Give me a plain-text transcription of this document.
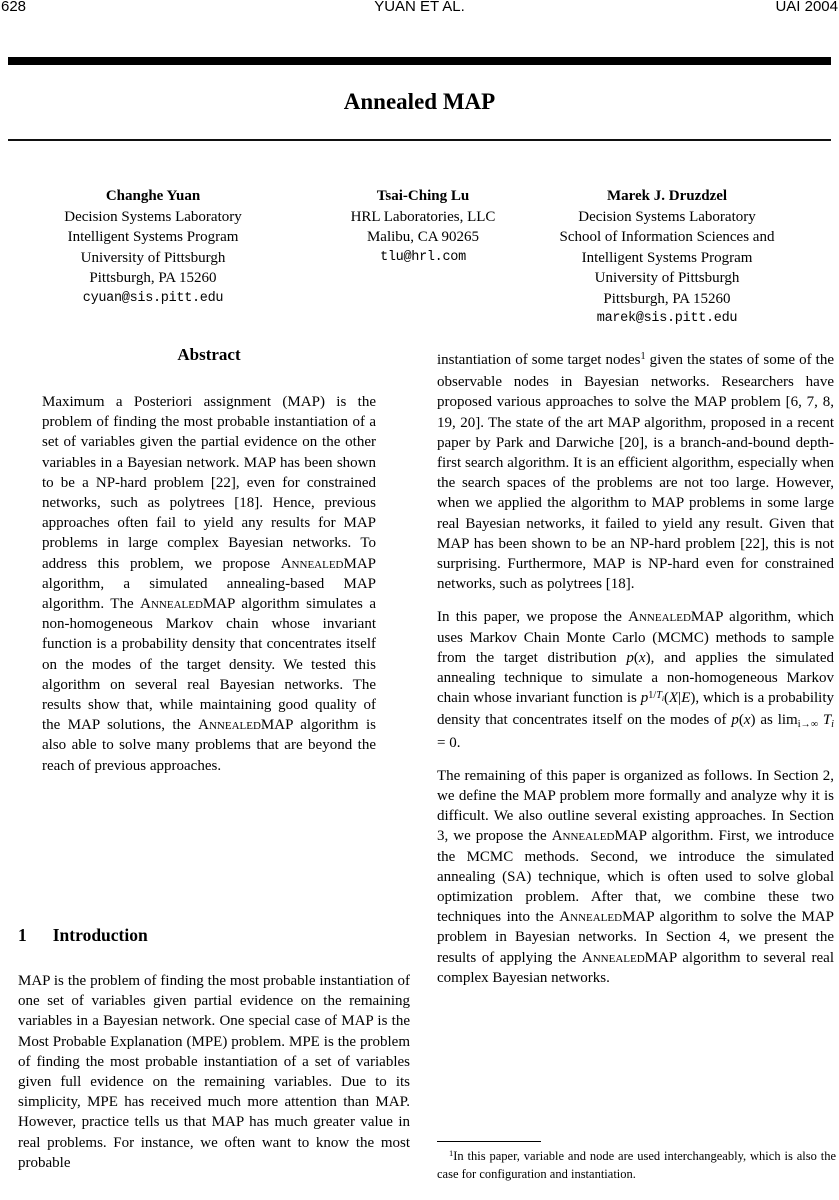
628	YUAN ET AL.	UAI 2004
Annealed MAP
Changhe Yuan
Decision Systems Laboratory
Intelligent Systems Program
University of Pittsburgh
Pittsburgh, PA 15260
cyuan@sis.pitt.edu
Tsai-Ching Lu
HRL Laboratories, LLC
Malibu, CA 90265
tlu@hrl.com
Marek J. Druzdzel
Decision Systems Laboratory
School of Information Sciences and
Intelligent Systems Program
University of Pittsburgh
Pittsburgh, PA 15260
marek@sis.pitt.edu
Abstract

Maximum a Posteriori assignment (MAP) is the problem of finding the most probable instantiation of a set of variables given the partial evidence on the other variables in a Bayesian network. MAP has been shown to be a NP-hard problem [22], even for constrained networks, such as polytrees [18]. Hence, previous approaches often fail to yield any results for MAP problems in large complex Bayesian networks. To address this problem, we propose AnnealedMAP algorithm, a simulated annealing-based MAP algorithm. The AnnealedMAP algorithm simulates a non-homogeneous Markov chain whose invariant function is a probability density that concentrates itself on the modes of the target density. We tested this algorithm on several real Bayesian networks. The results show that, while maintaining good quality of the MAP solutions, the AnnealedMAP algorithm is also able to solve many problems that are beyond the reach of previous approaches.

1 Introduction

MAP is the problem of finding the most probable instantiation of one set of variables given partial evidence on the remaining variables in a Bayesian network. One special case of MAP is the Most Probable Explanation (MPE) problem. MPE is the problem of finding the most probable instantiation of a set of variables given full evidence on the remaining variables. Due to its simplicity, MPE has received much more attention than MAP. However, practice tells us that MAP has much greater value in real problems. For instance, we often want to know the most probable

instantiation of some target nodes$^1$ given the states of some of the observable nodes in Bayesian networks. Researchers have proposed various approaches to solve the MAP problem [6, 7, 8, 19, 20]. The state of the art MAP algorithm, proposed in a recent paper by Park and Darwiche [20], is a branch-and-bound depth-first search algorithm. It is an efficient algorithm, especially when the search spaces of the problems are not too large. However, when we applied the algorithm to MAP problems in some large real Bayesian networks, it failed to yield any result. Given that MAP has been shown to be an NP-hard problem [22], this is not surprising. Furthermore, MAP is NP-hard even for constrained networks, such as polytrees [18].

In this paper, we propose the AnnealedMAP algorithm, which uses Markov Chain Monte Carlo (MCMC) methods to sample from the target distribution p(x), and applies the simulated annealing technique to simulate a non-homogeneous Markov chain whose invariant function is $p^{1/T}i(X|E)$, which is a probability density that concentrates itself on the modes of p(x) as limi→∞ Ti = 0.

The remaining of this paper is organized as follows. In Section 2, we define the MAP problem more formally and analyze why it is difficult. We also outline several existing approaches. In Section 3, we propose the AnnealedMAP algorithm. First, we introduce the MCMC methods. Second, we introduce the simulated annealing (SA) technique, which is often used to solve global optimization problem. After that, we combine these two techniques into the AnnealedMAP algorithm to solve the MAP problem in Bayesian networks. In Section 4, we present the results of applying the AnnealedMAP algorithm to several real complex Bayesian networks.

$^1$In this paper, variable and node are used interchangeably, which is also the case for configuration and instantiation.
